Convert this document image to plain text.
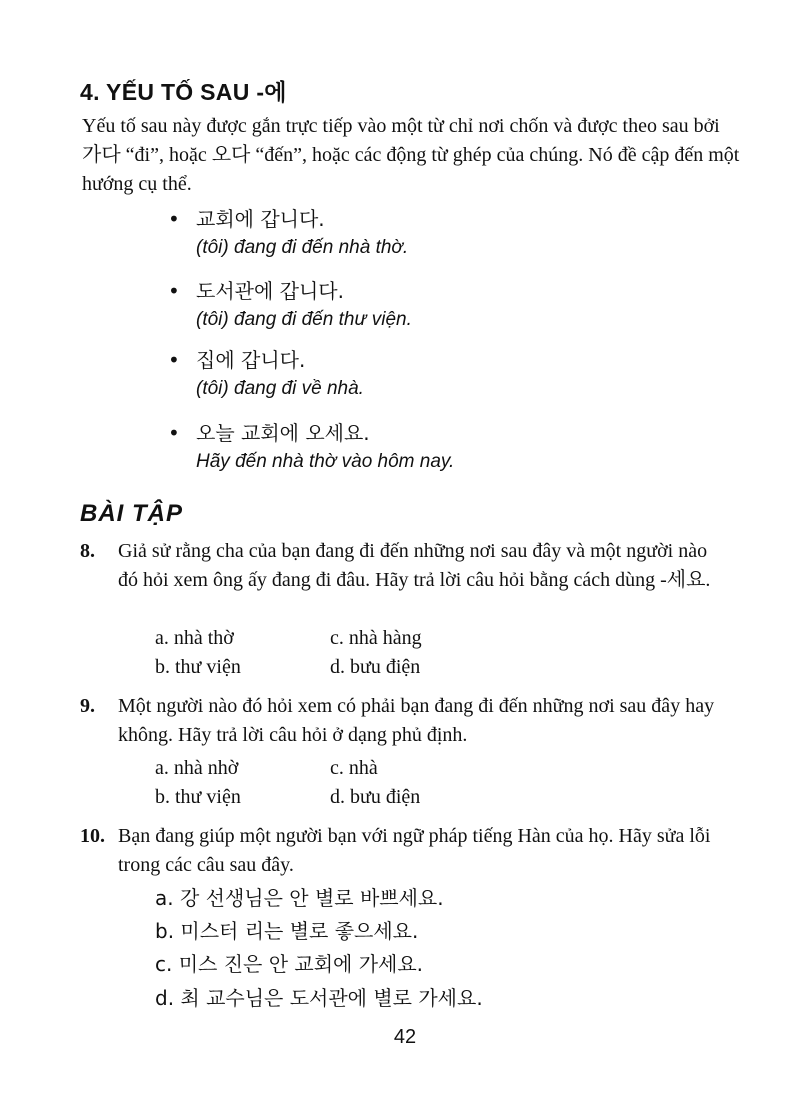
4. YẾU TỐ SAU -에

Yếu tố sau này được gắn trực tiếp vào một từ chỉ nơi chốn và được theo sau bởi 가다 “đi”, hoặc 오다 “đến”, hoặc các động từ ghép của chúng. Nó đề cập đến một hướng cụ thể.

• 교회에 갑니다.
(tôi) đang đi đến nhà thờ.
• 도서관에 갑니다.
(tôi) đang đi đến thư viện.
• 집에 갑니다.
(tôi) đang đi về nhà.
• 오늘 교회에 오세요.
Hãy đến nhà thờ vào hôm nay.
BÀI TẬP
8. Giả sử rằng cha của bạn đang đi đến những nơi sau đây và một người nào đó hỏi xem ông ấy đang đi đâu. Hãy trả lời câu hỏi bằng cách dùng -세요.

a. nhà thờ	c. nhà hàng
b. thư viện	d. bưu điện
9. Một người nào đó hỏi xem có phải bạn đang đi đến những nơi sau đây hay không. Hãy trả lời câu hỏi ở dạng phủ định.

a. nhà nhờ	c. nhà
b. thư viện	d. bưu điện
10. Bạn đang giúp một người bạn với ngữ pháp tiếng Hàn của họ. Hãy sửa lỗi trong các câu sau đây.

a. 강 선생님은 안 별로 바쁘세요.
b. 미스터 리는 별로 좋으세요.
c. 미스 진은 안 교회에 가세요.
d. 최 교수님은 도서관에 별로 가세요.
42
